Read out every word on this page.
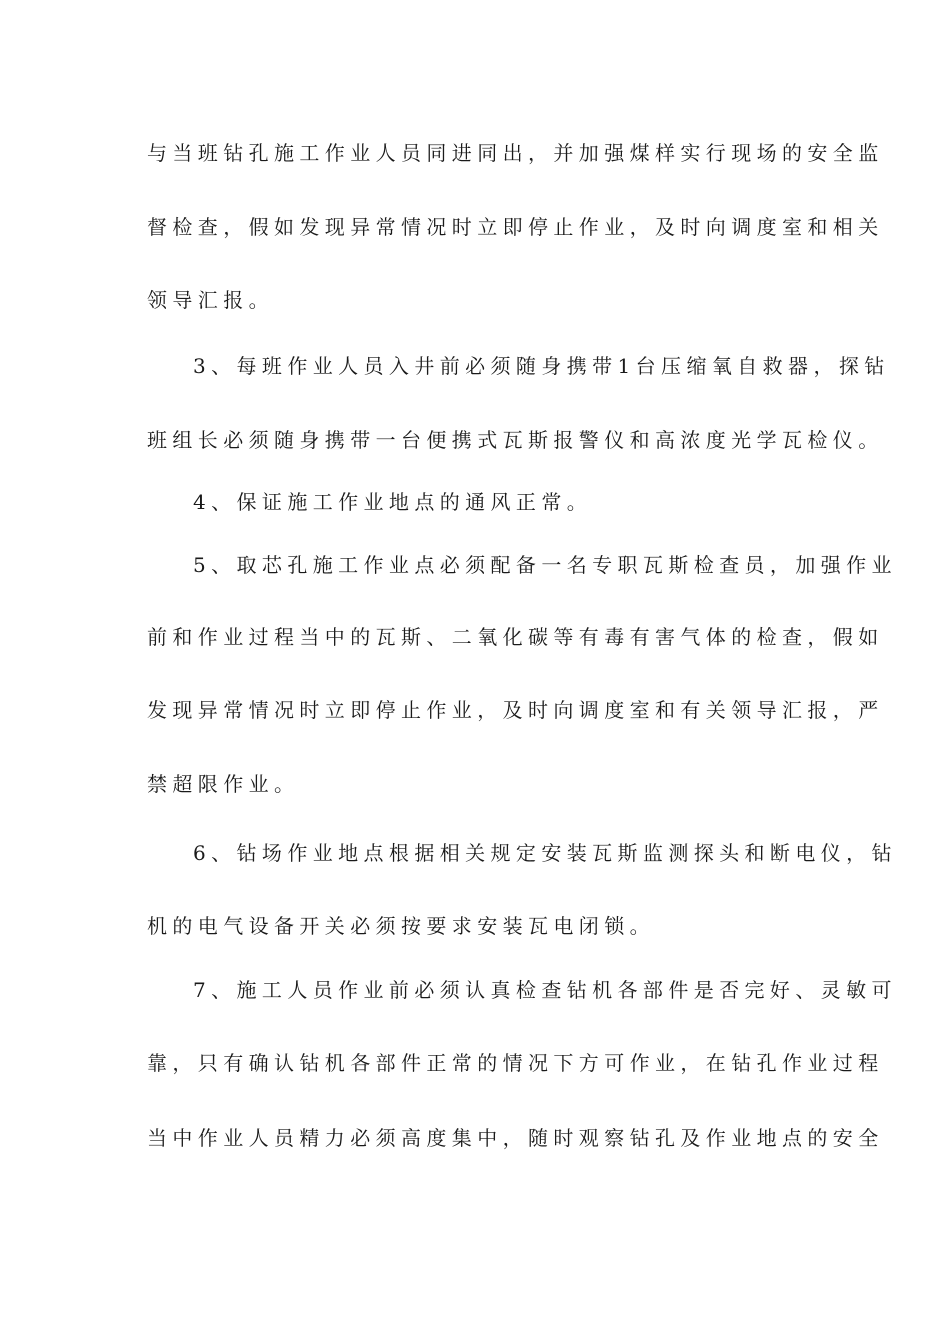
与当班钻孔施工作业人员同进同出，并加强煤样实行现场的安全监
督检查，假如发现异常情况时立即停止作业，及时向调度室和相关
领导汇报。
3、每班作业人员入井前必须随身携带1台压缩氧自救器，探钻
班组长必须随身携带一台便携式瓦斯报警仪和高浓度光学瓦检仪。
4、保证施工作业地点的通风正常。
5、取芯孔施工作业点必须配备一名专职瓦斯检查员，加强作业
前和作业过程当中的瓦斯、二氧化碳等有毒有害气体的检查，假如
发现异常情况时立即停止作业，及时向调度室和有关领导汇报，严
禁超限作业。
6、钻场作业地点根据相关规定安装瓦斯监测探头和断电仪，钻
机的电气设备开关必须按要求安装瓦电闭锁。
7、施工人员作业前必须认真检查钻机各部件是否完好、灵敏可
靠，只有确认钻机各部件正常的情况下方可作业，在钻孔作业过程
当中作业人员精力必须高度集中，随时观察钻孔及作业地点的安全
